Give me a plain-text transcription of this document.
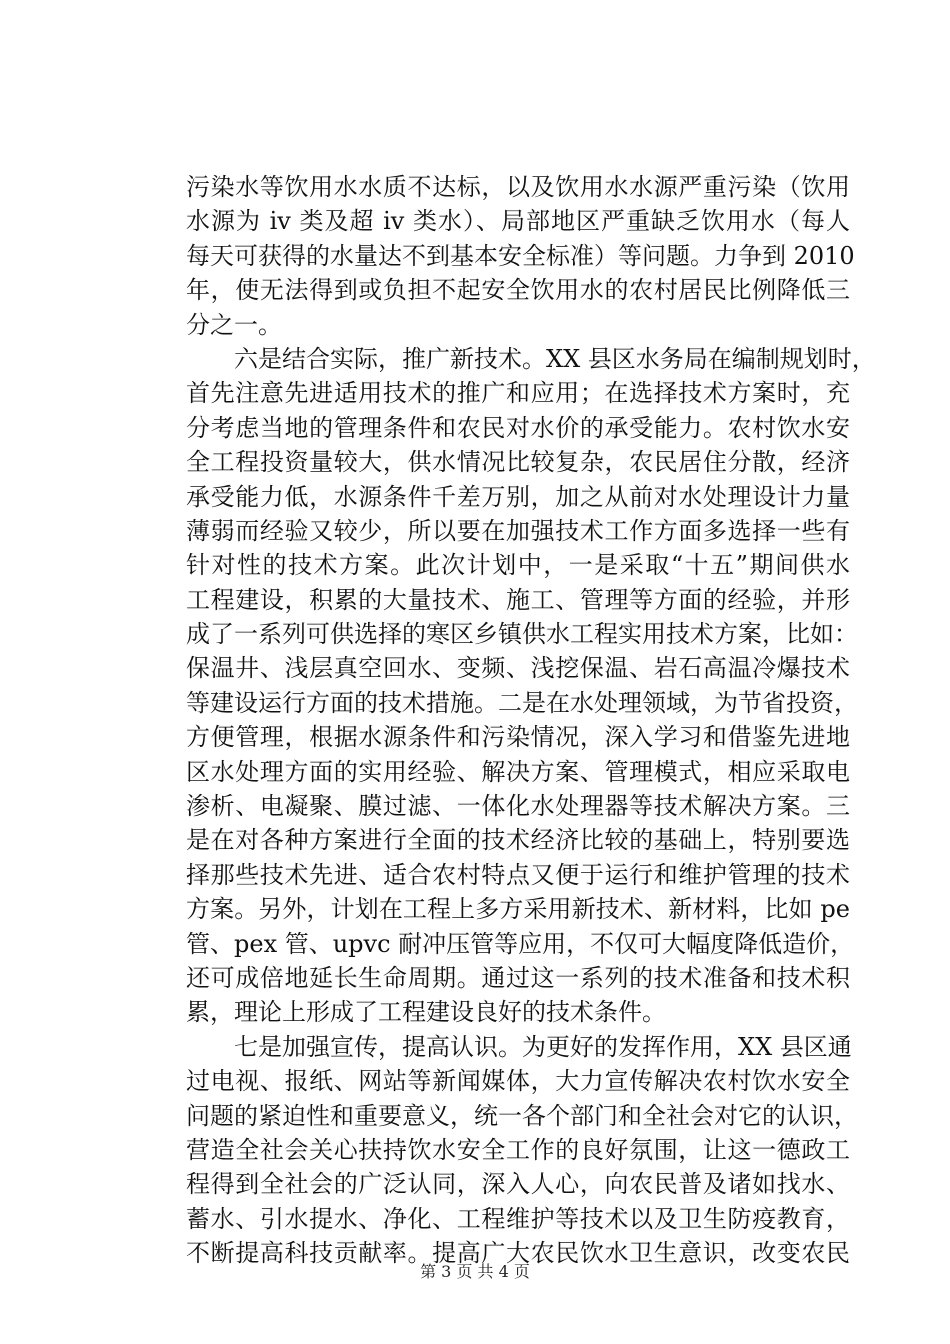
污染水等饮用水水质不达标，以及饮用水水源严重污染（饮用
水源为 iv 类及超 iv 类水）、局部地区严重缺乏饮用水（每人
每天可获得的水量达不到基本安全标准）等问题。力争到 2010
年，使无法得到或负担不起安全饮用水的农村居民比例降低三
分之一。
　　六是结合实际，推广新技术。XX 县区水务局在编制规划时，
首先注意先进适用技术的推广和应用；在选择技术方案时，充
分考虑当地的管理条件和农民对水价的承受能力。农村饮水安
全工程投资量较大，供水情况比较复杂，农民居住分散，经济
承受能力低，水源条件千差万别，加之从前对水处理设计力量
薄弱而经验又较少，所以要在加强技术工作方面多选择一些有
针对性的技术方案。此次计划中，一是采取“十五”期间供水
工程建设，积累的大量技术、施工、管理等方面的经验，并形
成了一系列可供选择的寒区乡镇供水工程实用技术方案，比如：
保温井、浅层真空回水、变频、浅挖保温、岩石高温冷爆技术
等建设运行方面的技术措施。二是在水处理领域，为节省投资，
方便管理，根据水源条件和污染情况，深入学习和借鉴先进地
区水处理方面的实用经验、解决方案、管理模式，相应采取电
渗析、电凝聚、膜过滤、一体化水处理器等技术解决方案。三
是在对各种方案进行全面的技术经济比较的基础上，特别要选
择那些技术先进、适合农村特点又便于运行和维护管理的技术
方案。另外，计划在工程上多方采用新技术、新材料，比如 pe
管、pex 管、upvc 耐冲压管等应用，不仅可大幅度降低造价，
还可成倍地延长生命周期。通过这一系列的技术准备和技术积
累，理论上形成了工程建设良好的技术条件。
　　七是加强宣传，提高认识。为更好的发挥作用，XX 县区通
过电视、报纸、网站等新闻媒体，大力宣传解决农村饮水安全
问题的紧迫性和重要意义，统一各个部门和全社会对它的认识，
营造全社会关心扶持饮水安全工作的良好氛围，让这一德政工
程得到全社会的广泛认同，深入人心，向农民普及诸如找水、
蓄水、引水提水、净化、工程维护等技术以及卫生防疫教育，
不断提高科技贡献率。提高广大农民饮水卫生意识，改变农民
第 3 页 共 4 页
